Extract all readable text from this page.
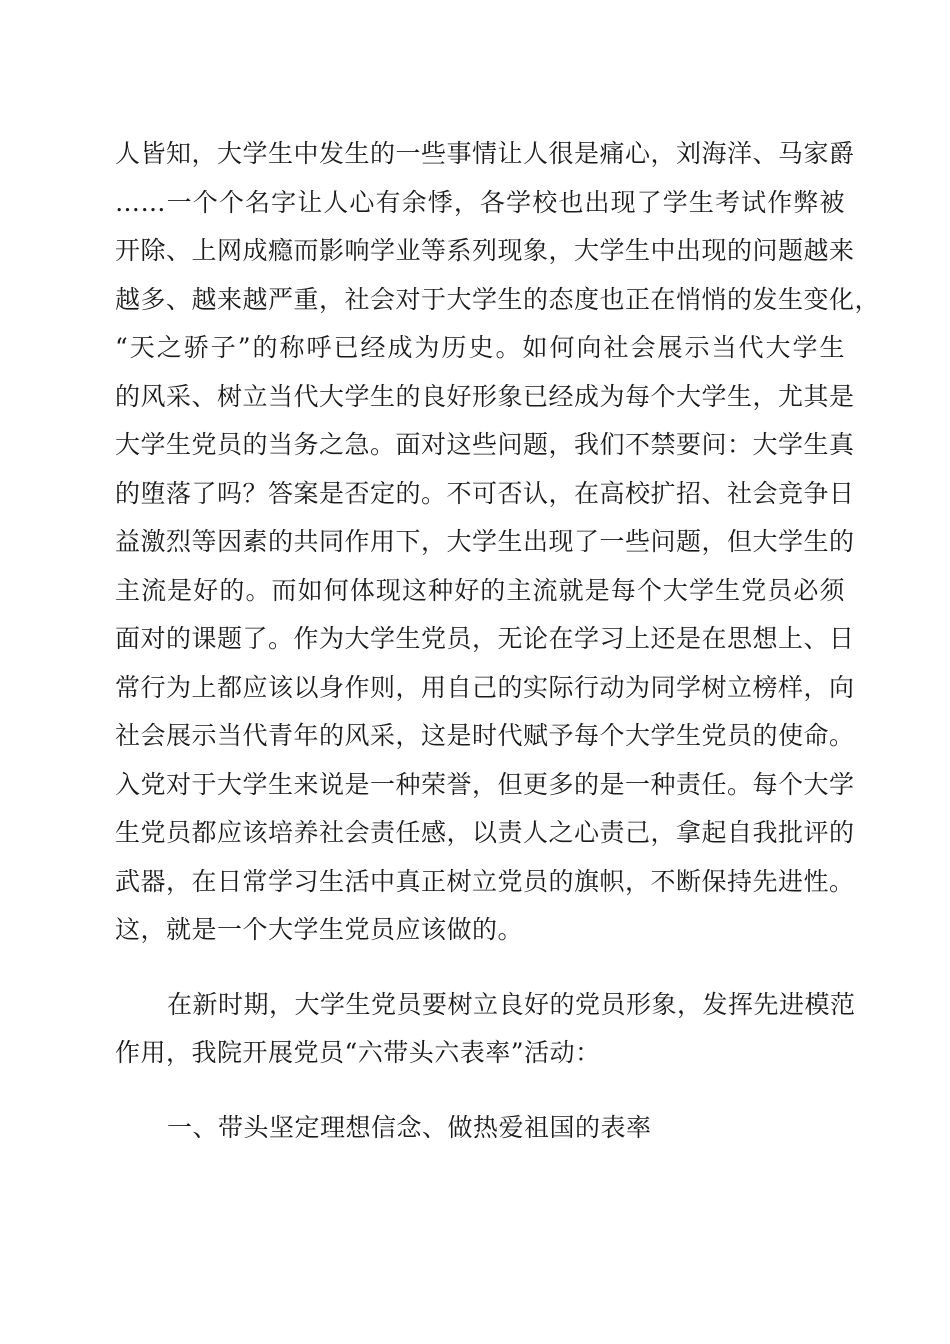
人皆知，大学生中发生的一些事情让人很是痛心，刘海洋、马家爵
……一个个名字让人心有余悸，各学校也出现了学生考试作弊被
开除、上网成瘾而影响学业等系列现象，大学生中出现的问题越来
越多、越来越严重，社会对于大学生的态度也正在悄悄的发生变化，
“天之骄子”的称呼已经成为历史。如何向社会展示当代大学生
的风采、树立当代大学生的良好形象已经成为每个大学生，尤其是
大学生党员的当务之急。面对这些问题，我们不禁要问：大学生真
的堕落了吗？答案是否定的。不可否认，在高校扩招、社会竞争日
益激烈等因素的共同作用下，大学生出现了一些问题，但大学生的
主流是好的。而如何体现这种好的主流就是每个大学生党员必须
面对的课题了。作为大学生党员，无论在学习上还是在思想上、日
常行为上都应该以身作则，用自己的实际行动为同学树立榜样，向
社会展示当代青年的风采，这是时代赋予每个大学生党员的使命。
入党对于大学生来说是一种荣誉，但更多的是一种责任。每个大学
生党员都应该培养社会责任感，以责人之心责己，拿起自我批评的
武器，在日常学习生活中真正树立党员的旗帜，不断保持先进性。
这，就是一个大学生党员应该做的。
在新时期，大学生党员要树立良好的党员形象，发挥先进模范
作用，我院开展党员“六带头六表率”活动：
一、带头坚定理想信念、做热爱祖国的表率
